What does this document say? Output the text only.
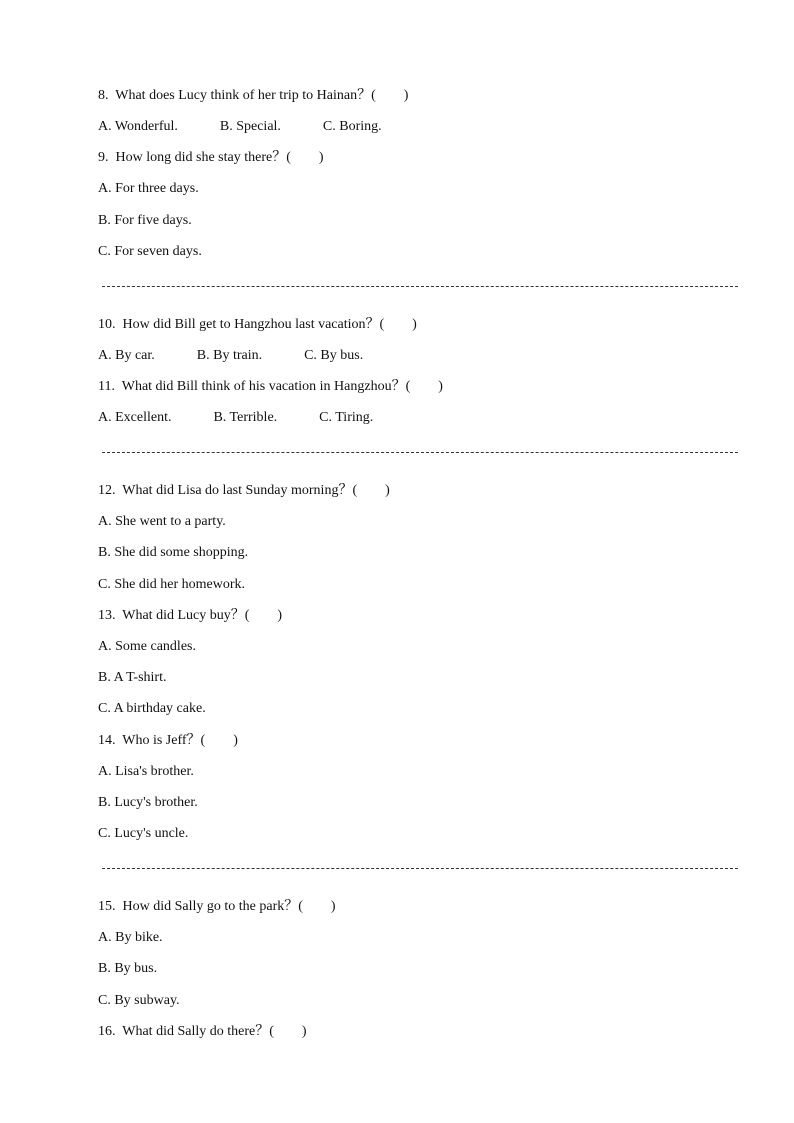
8.  What does Lucy think of her trip to Hainan？(　　)
A. Wonderful.　　　B. Special.　　　C. Boring.
9.  How long did she stay there？(　　)
A. For three days.
B. For five days.
C. For seven days.
10.  How did Bill get to Hangzhou last vacation？(　　)
A. By car.　　　B. By train.　　　C. By bus.
11.  What did Bill think of his vacation in Hangzhou？(　　)
A. Excellent.　　　B. Terrible.　　　C. Tiring.
12.  What did Lisa do last Sunday morning？(　　)
A. She went to a party.
B. She did some shopping.
C. She did her homework.
13.  What did Lucy buy？(　　)
A. Some candles.
B. A T-shirt.
C. A birthday cake.
14.  Who is Jeff？(　　)
A. Lisa's brother.
B. Lucy's brother.
C. Lucy's uncle.
15.  How did Sally go to the park？(　　)
A. By bike.
B. By bus.
C. By subway.
16.  What did Sally do there？(　　)
